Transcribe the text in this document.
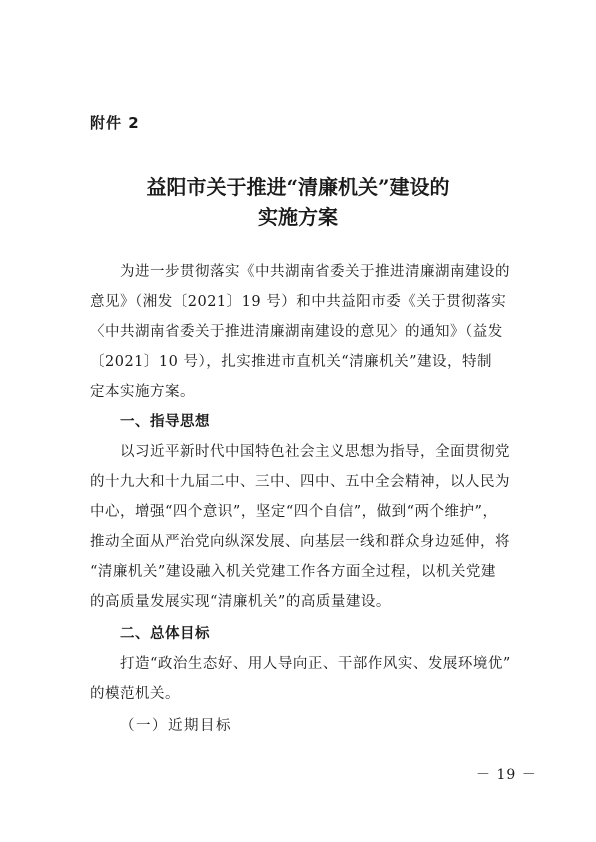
附件 2
益阳市关于推进“清廉机关”建设的
实施方案
为进一步贯彻落实《中共湖南省委关于推进清廉湖南建设的
意见》（湘发〔2021〕19 号）和中共益阳市委《关于贯彻落实
〈中共湖南省委关于推进清廉湖南建设的意见〉的通知》（益发
〔2021〕10 号），扎实推进市直机关“清廉机关”建设，特制
定本实施方案。
一、指导思想
以习近平新时代中国特色社会主义思想为指导，全面贯彻党
的十九大和十九届二中、三中、四中、五中全会精神，以人民为
中心，增强“四个意识”，坚定“四个自信”，做到“两个维护”，
推动全面从严治党向纵深发展、向基层一线和群众身边延伸，将
“清廉机关”建设融入机关党建工作各方面全过程，以机关党建
的高质量发展实现“清廉机关”的高质量建设。
二、总体目标
打造“政治生态好、用人导向正、干部作风实、发展环境优”
的模范机关。
（一）近期目标
－ 19 －
